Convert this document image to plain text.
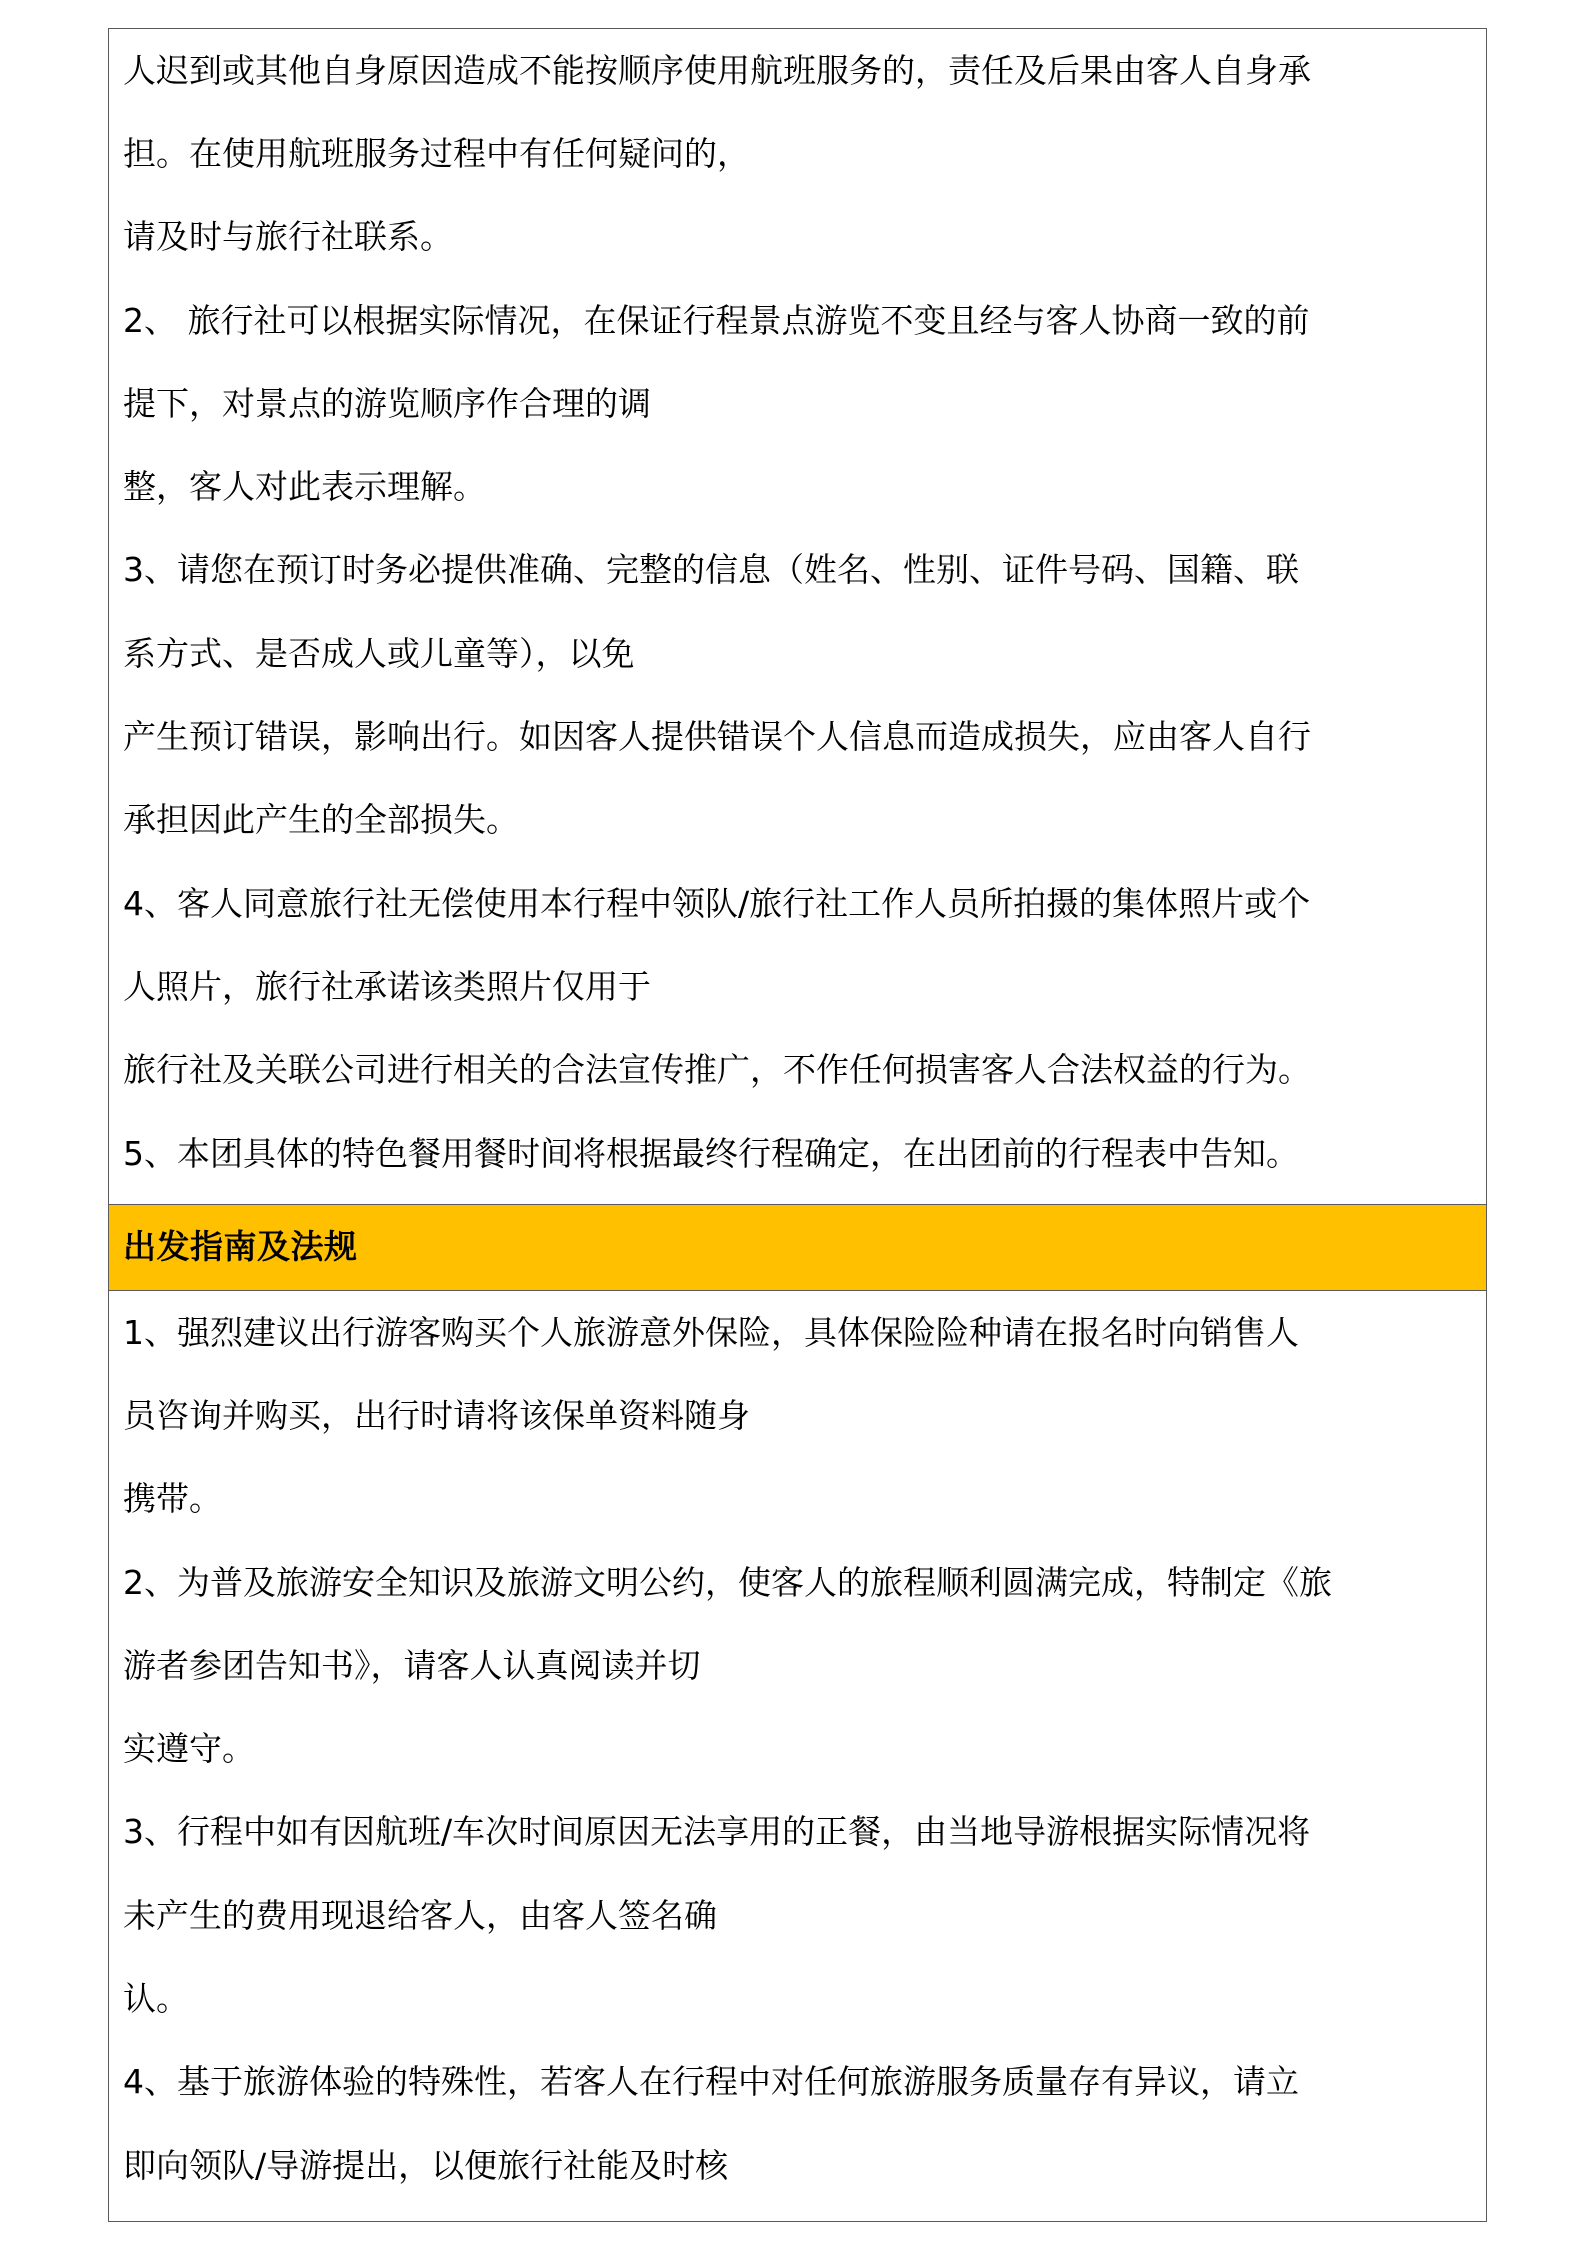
人迟到或其他自身原因造成不能按顺序使用航班服务的，责任及后果由客人自身承
担。在使用航班服务过程中有任何疑问的，
请及时与旅行社联系。
2、 旅行社可以根据实际情况，在保证行程景点游览不变且经与客人协商一致的前
提下，对景点的游览顺序作合理的调
整，客人对此表示理解。
3、请您在预订时务必提供准确、完整的信息（姓名、性别、证件号码、国籍、联
系方式、是否成人或儿童等），以免
产生预订错误，影响出行。如因客人提供错误个人信息而造成损失，应由客人自行
承担因此产生的全部损失。
4、客人同意旅行社无偿使用本行程中领队/旅行社工作人员所拍摄的集体照片或个
人照片，旅行社承诺该类照片仅用于
旅行社及关联公司进行相关的合法宣传推广，不作任何损害客人合法权益的行为。
5、本团具体的特色餐用餐时间将根据最终行程确定，在出团前的行程表中告知。
出发指南及法规
1、强烈建议出行游客购买个人旅游意外保险，具体保险险种请在报名时向销售人
员咨询并购买，出行时请将该保单资料随身
携带。
2、为普及旅游安全知识及旅游文明公约，使客人的旅程顺利圆满完成，特制定《旅
游者参团告知书》，请客人认真阅读并切
实遵守。
3、行程中如有因航班/车次时间原因无法享用的正餐，由当地导游根据实际情况将
未产生的费用现退给客人，由客人签名确
认。
4、基于旅游体验的特殊性，若客人在行程中对任何旅游服务质量存有异议，请立
即向领队/导游提出，以便旅行社能及时核
